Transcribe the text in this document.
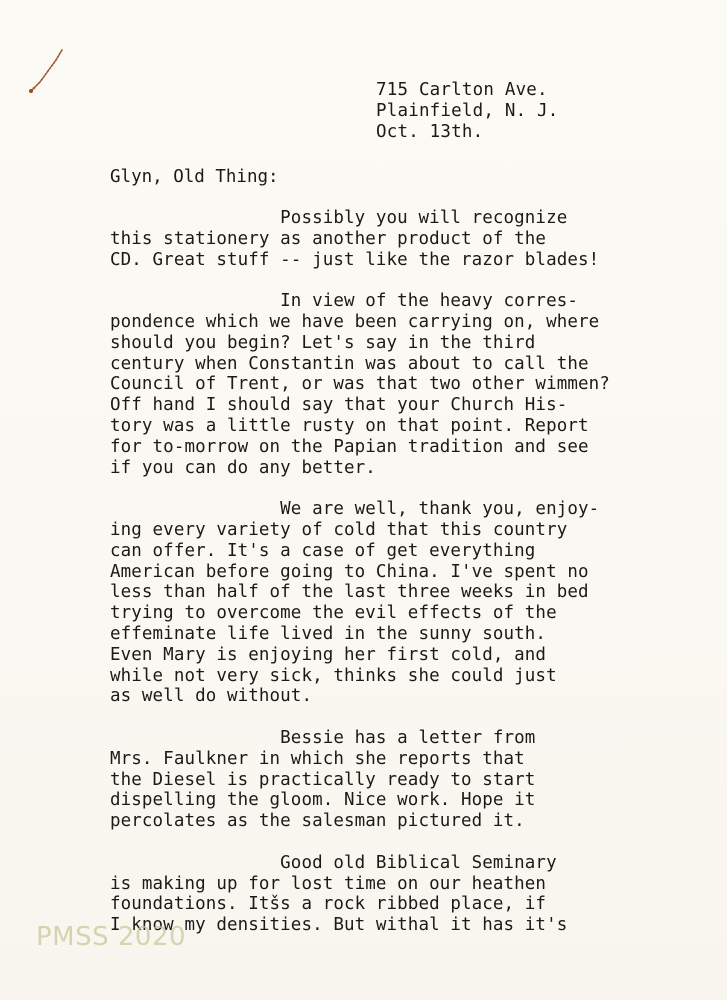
715 Carlton Ave.
Plainfield, N. J.
Oct. 13th.
Glyn, Old Thing:
Possibly you will recognize
this stationery as another product of the
CD. Great stuff -- just like the razor blades!
In view of the heavy corres-
pondence which we have been carrying on, where
should you begin? Let's say in the third
century when Constantin was about to call the
Council of Trent, or was that two other wimmen?
Off hand I should say that your Church His-
tory was a little rusty on that point. Report
for to-morrow on the Papian tradition and see
if you can do any better.
We are well, thank you, enjoy-
ing every variety of cold that this country
can offer. It's a case of get everything
American before going to China. I've spent no
less than half of the last three weeks in bed
trying to overcome the evil effects of the
effeminate life lived in the sunny south.
Even Mary is enjoying her first cold, and
while not very sick, thinks she could just
as well do without.
Bessie has a letter from
Mrs. Faulkner in which she reports that
the Diesel is practically ready to start
dispelling the gloom. Nice work. Hope it
percolates as the salesman pictured it.
Good old Biblical Seminary
is making up for lost time on our heathen
foundations. Itšs a rock ribbed place, if
I know my densities. But withal it has it's
PMSS 2020
